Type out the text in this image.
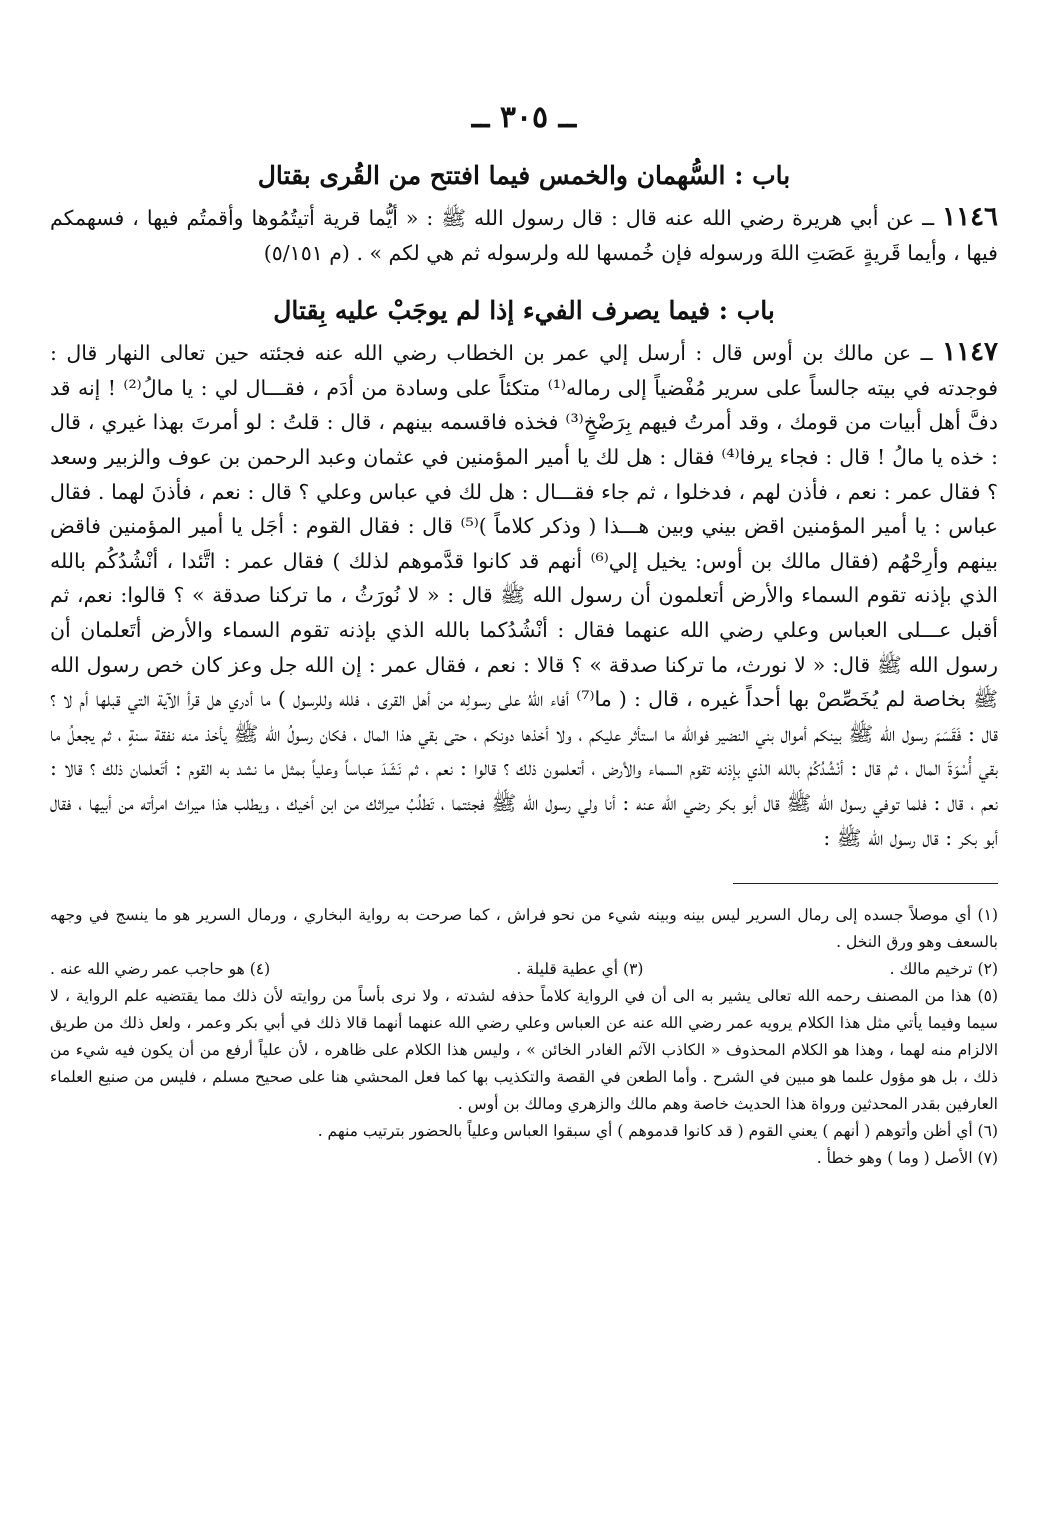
ــ ٣٠٥ ــ
باب : السُّهمان والخمس فيما افتتح من القُرى بقتال

١١٤٦ ــ عن أبي هريرة رضي الله عنه قال : قال رسول الله ﷺ : « أيُّما قرية أتيتُمُوها وأقمتُم فيها ، فسهمكم فيها ، وأيما قَريةٍ عَصَتِ اللهَ ورسوله فإن خُمسها لله ولرسوله ثم هي لكم » . (م ٥/١٥١)

باب : فيما يصرف الفيء إذا لم يوجَبْ عليه بِقتال

١١٤٧ ــ عن مالك بن أوس قال : أرسل إلي عمر بن الخطاب رضي الله عنه فجئته حين تعالى النهار قال : فوجدته في بيته جالساً على سرير مُفْضياً إلى رماله⁽¹⁾ متكئاً على وسادة من أدَم ، فقـــال لي : يا مالُ⁽²⁾ ! إنه قد دفَّ أهل أبيات من قومك ، وقد أمرتُ فيهم بِرَضْخٍ⁽³⁾ فخذه فاقسمه بينهم ، قال : قلتُ : لو أمرتَ بهذا غيري ، قال : خذه يا مالُ ! قال : فجاء يرفا⁽⁴⁾ فقال : هل لك يا أمير المؤمنين في عثمان وعبد الرحمن بن عوف والزبير وسعد ؟ فقال عمر : نعم ، فأذن لهم ، فدخلوا ، ثم جاء فقـــال : هل لك في عباس وعلي ؟ قال : نعم ، فأذنَ لهما . فقال عباس : يا أمير المؤمنين اقض بيني وبين هـــذا ( وذكر كلاماً )⁽⁵⁾ قال : فقال القوم : أجَل يا أمير المؤمنين فاقض بينهم وأرِحْهُم (فقال مالك بن أوس: يخيل إلي⁽⁶⁾ أنهم قد كانوا قدَّموهم لذلك ) فقال عمر : اتَّئدا ، أنْشُدُكُم بالله الذي بإذنه تقوم السماء والأرض أتعلمون أن رسول الله ﷺ قال : « لا نُورَثُ ، ما تركنا صدقة » ؟ قالوا: نعم، ثم أقبل عـــلى العباس وعلي رضي الله عنهما فقال : أنْشُدُكما بالله الذي بإذنه تقوم السماء والأرض أتَعلمان أن رسول الله ﷺ قال: « لا نورث، ما تركنا صدقة » ؟ قالا : نعم ، فقال عمر : إن الله جل وعز كان خص رسول الله ﷺ بخاصة لم يُخَصِّصْ بها أحداً غيره ، قال : ( ما⁽⁷⁾ أفاء اللهُ على رسولِه من أهل القرى ، فلله وللرسول ) ما أدري هل قرأ الآية التي قبلها أم لا ؟ قال : فَقَسَمَ رسول الله ﷺ بينكم أموال بني النضير فوالله ما استأثر عليكم ، ولا أخذها دونكم ، حتى بقي هذا المال ، فكان رسولُ الله ﷺ يأخذ منه نفقة سنةٍ ، ثم يجعلُ ما بقي أُسْوَةَ المال ، ثم قال : أنْشُدُكُمْ بالله الذي بإذنه تقوم السماء والأرض ، أتعلمون ذلك ؟ قالوا : نعم ، ثم نَشَدَ عباساً وعلياً بمثل ما نشد به القوم : أتَعلمان ذلك ؟ قالا : نعم ، قال : فلما توفي رسول الله ﷺ قال أبو بكر رضي الله عنه : أنا ولي رسول الله ﷺ فجئتما ، تَطلُبُ ميراثك من ابن أخيك ، ويطلب هذا ميراث امرأته من أبيها ، فقال أبو بكر : قال رسول الله ﷺ :

(١) أي موصلاً جسده إلى رمال السرير ليس بينه وبينه شيء من نحو فراش ، كما صرحت به رواية البخاري ، ورمال السرير هو ما ينسج في وجهه بالسعف وهو ورق النخل .

(٢) ترخيم مالك .
(٣) أي عطية قليلة .
(٤) هو حاجب عمر رضي الله عنه .

(٥) هذا من المصنف رحمه الله تعالى يشير به الى أن في الرواية كلاماً حذفه لشدته ، ولا نرى بأساً من روايته لأن ذلك مما يقتضيه علم الرواية ، لا سيما وفيما يأتي مثل هذا الكلام يرويه عمر رضي الله عنه عن العباس وعلي رضي الله عنهما أنهما قالا ذلك في أبي بكر وعمر ، ولعل ذلك من طريق الالزام منه لهما ، وهذا هو الكلام المحذوف « الكاذب الآثم الغادر الخائن » ، وليس هذا الكلام على ظاهره ، لأن علياً أرفع من أن يكون فيه شيء من ذلك ، بل هو مؤول علىما هو مبين في الشرح . وأما الطعن في القصة والتكذيب بها كما فعل المحشي هنا على صحيح مسلم ، فليس من صنيع العلماء العارفين بقدر المحدثين ورواة هذا الحديث خاصة وهم مالك والزهري ومالك بن أوس .

(٦) أي أظن وأتوهم ( أنهم ) يعني القوم ( قد كانوا قدموهم ) أي سبقوا العباس وعلياً بالحضور بترتيب منهم .

(٧) الأصل ( وما ) وهو خطأ .
